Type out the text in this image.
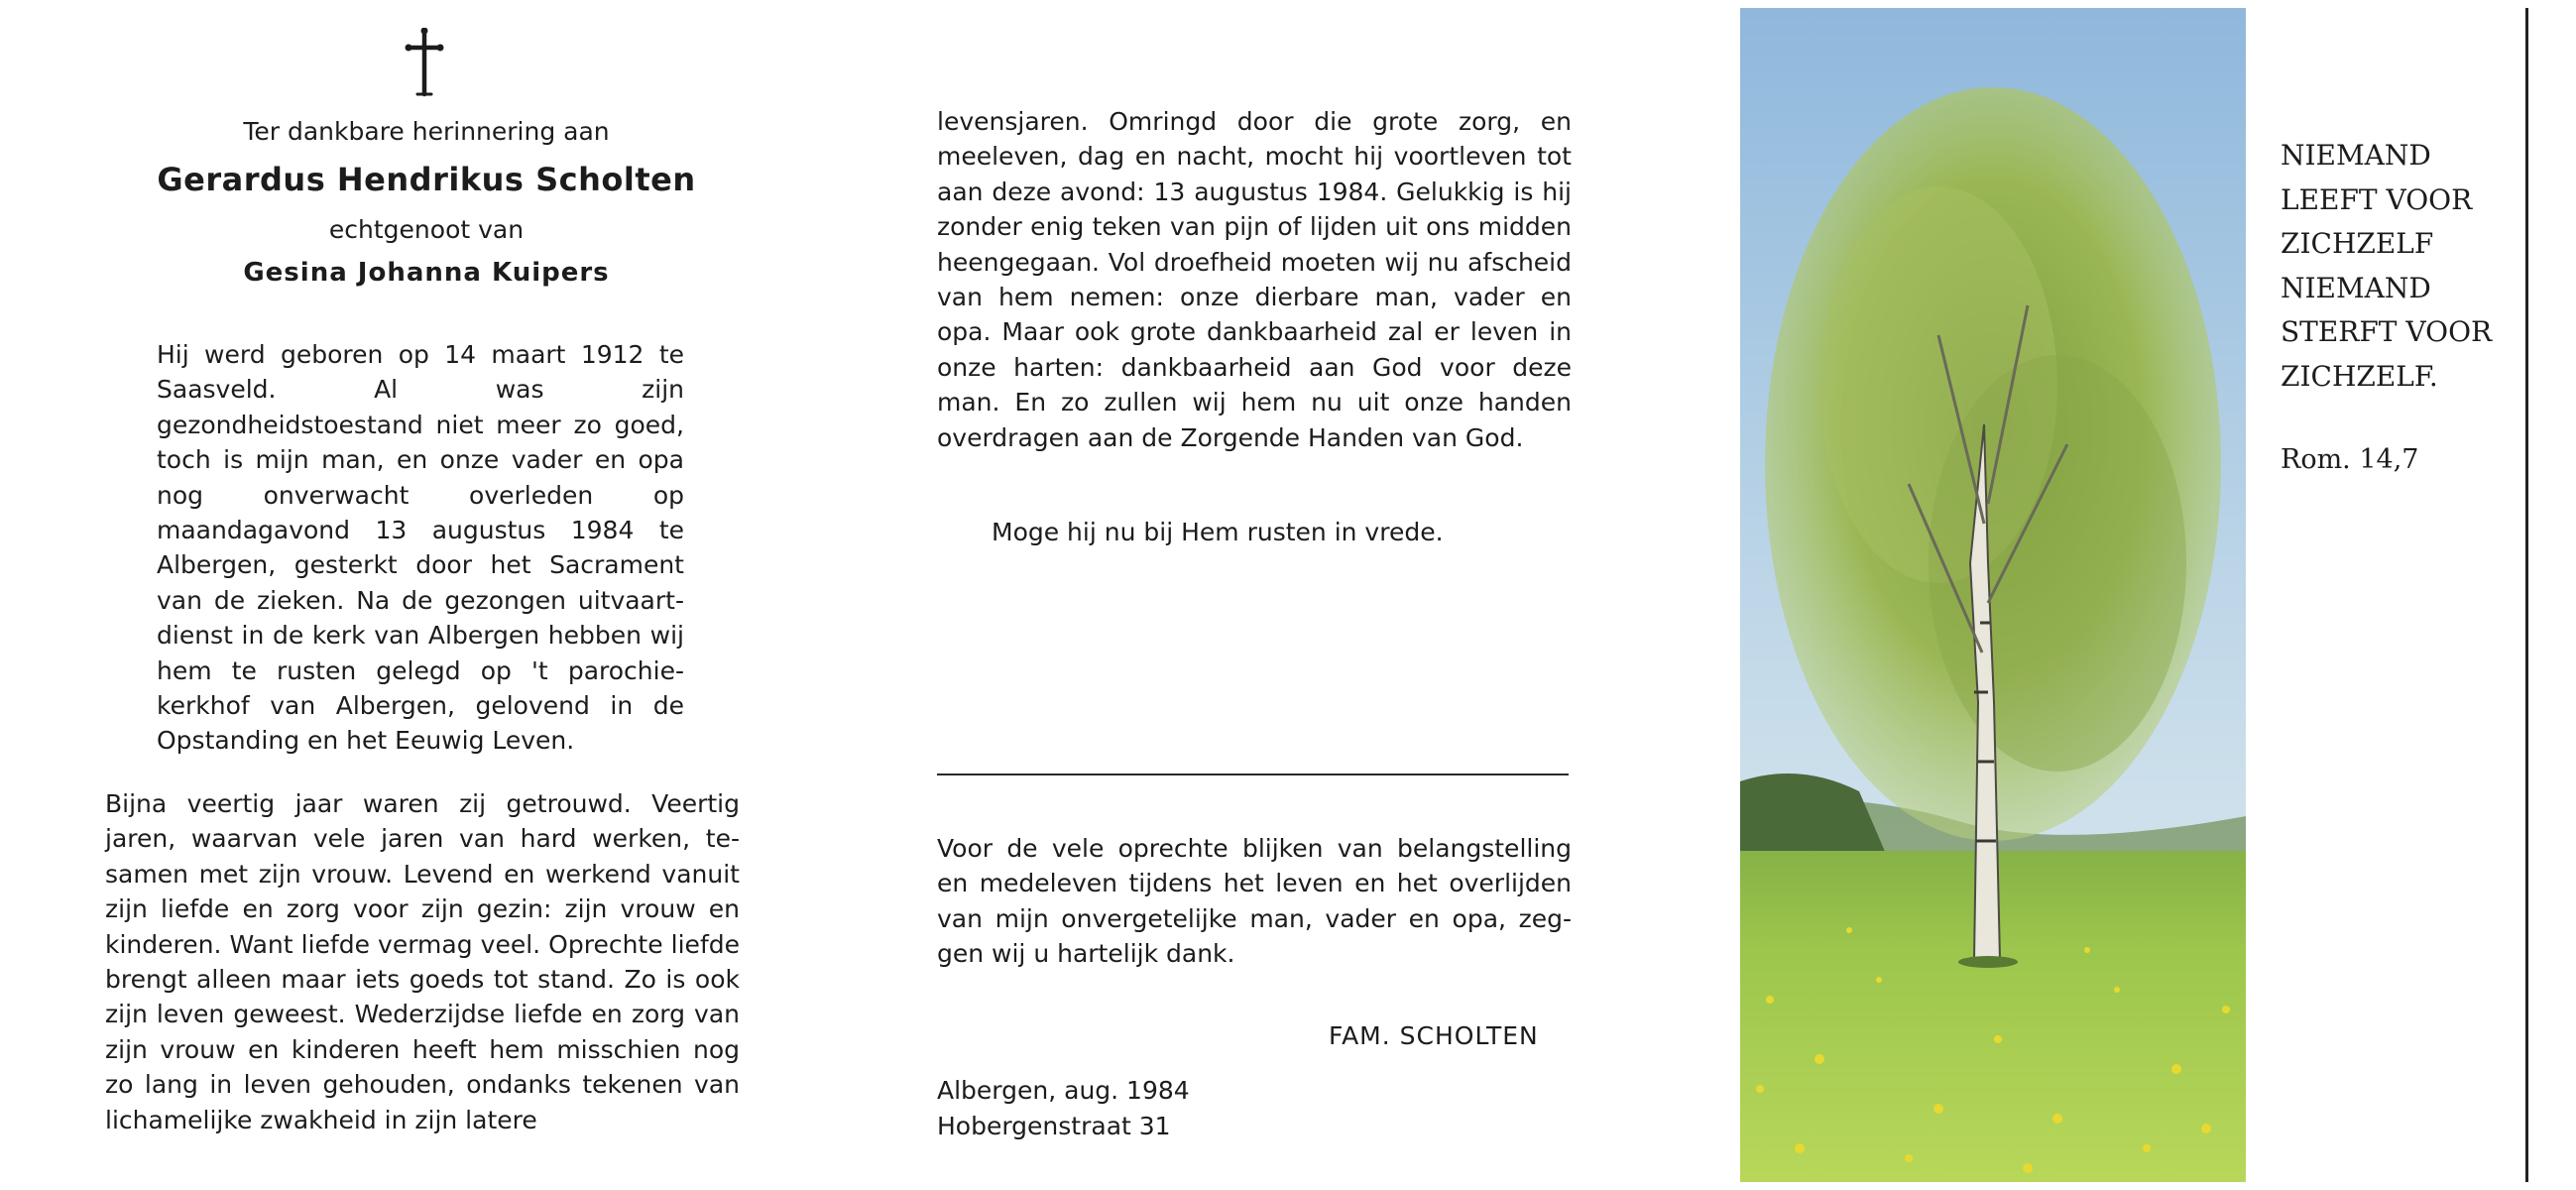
Ter dankbare herinnering aan
Gerardus Hendrikus Scholten
echtgenoot van
Gesina Johanna Kuipers

Hij werd geboren op 14 maart 1912 te Saasveld. Al was zijn gezondheidstoestand niet meer zo goed, toch is mijn man, en onze vader en opa nog onverwacht overleden op maandagavond 13 augustus 1984 te Albergen, gesterkt door het Sacrament van de zieken. Na de gezongen uitvaartdienst in de kerk van Albergen hebben wij hem te rusten gelegd op 't parochiekerkhof van Albergen, gelovend in de Opstanding en het Eeuwig Leven.

Bijna veertig jaar waren zij getrouwd. Veertig jaren, waarvan vele jaren van hard werken, tesamen met zijn vrouw. Levend en werkend vanuit zijn liefde en zorg voor zijn gezin: zijn vrouw en kinderen. Want liefde vermag veel. Oprechte liefde brengt alleen maar iets goeds tot stand. Zo is ook zijn leven geweest. Wederzijdse liefde en zorg van zijn vrouw en kinderen heeft hem misschien nog zo lang in leven gehouden, ondanks tekenen van lichamelijke zwakheid in zijn latere

levensjaren. Omringd door die grote zorg, en meeleven, dag en nacht, mocht hij voortleven tot aan deze avond: 13 augustus 1984. Gelukkig is hij zonder enig teken van pijn of lijden uit ons midden heengegaan. Vol droefheid moeten wij nu afscheid van hem nemen: onze dierbare man, vader en opa. Maar ook grote dankbaarheid zal er leven in onze harten: dankbaarheid aan God voor deze man. En zo zullen wij hem nu uit onze handen overdragen aan de Zorgende Handen van God.

Moge hij nu bij Hem rusten in vrede.

Voor de vele oprechte blijken van belangstelling en medeleven tijdens het leven en het overlijden van mijn onvergetelijke man, vader en opa, zeggen wij u hartelijk dank.

FAM. SCHOLTEN
Albergen, aug. 1984
Hobergenstraat 31
NIEMAND
LEEFT VOOR
ZICHZELF
NIEMAND
STERFT VOOR
ZICHZELF.
Rom. 14,7
